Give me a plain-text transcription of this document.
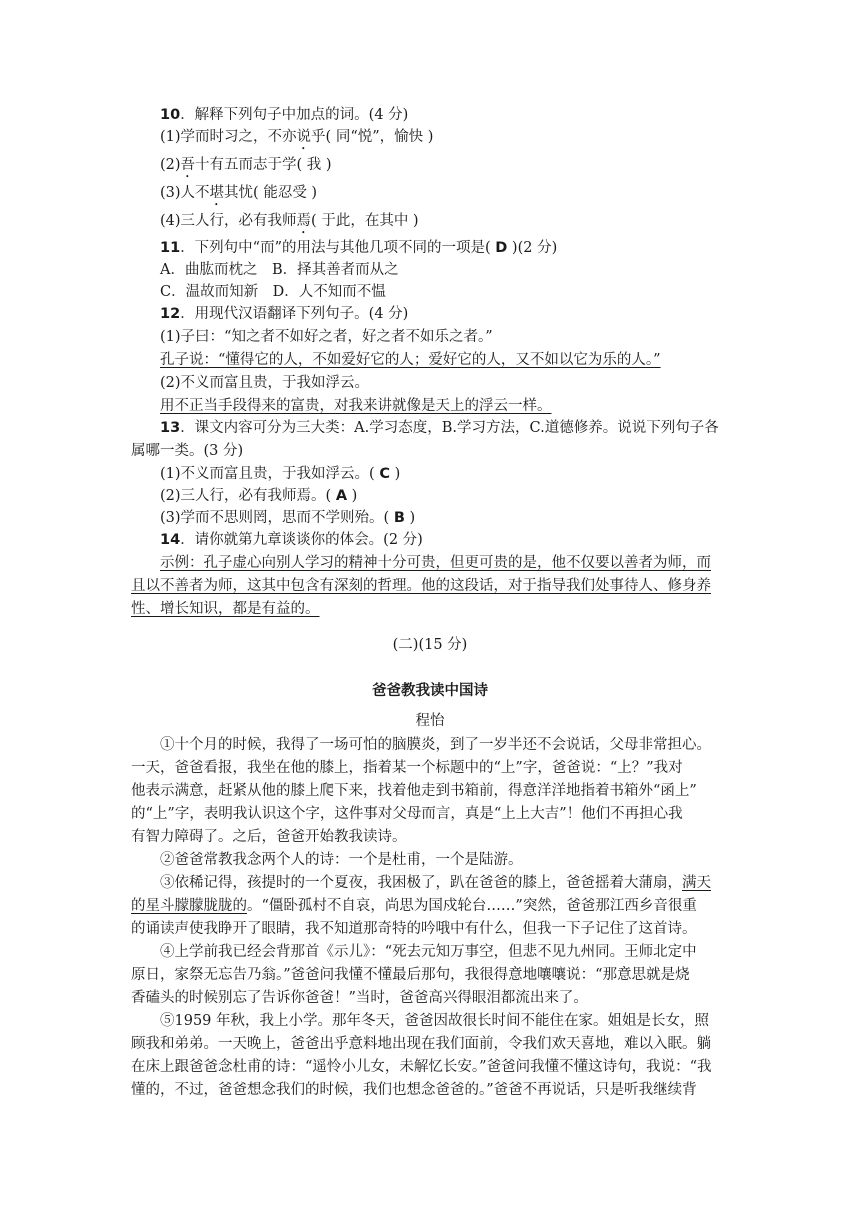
10．解释下列句子中加点的词。(4 分)
(1)学而时习之，不亦说乎( 同“悦”，愉快 )
(2)吾十有五而志于学( 我 )
(3)人不堪其忧( 能忍受 )
(4)三人行，必有我师焉( 于此，在其中 )
11．下列句中“而”的用法与其他几项不同的一项是( D )(2 分)
A．曲肱而枕之　B．择其善者而从之
C．温故而知新　D．人不知而不愠
12．用现代汉语翻译下列句子。(4 分)
(1)子曰：“知之者不如好之者，好之者不如乐之者。”
孔子说：“懂得它的人，不如爱好它的人；爱好它的人，又不如以它为乐的人。”
(2)不义而富且贵，于我如浮云。
用不正当手段得来的富贵，对我来讲就像是天上的浮云一样。
13．课文内容可分为三大类：A.学习态度，B.学习方法，C.道德修养。说说下列句子各
属哪一类。(3 分)
(1)不义而富且贵，于我如浮云。( C )
(2)三人行，必有我师焉。( A )
(3)学而不思则罔，思而不学则殆。( B )
14．请你就第九章谈谈你的体会。(2 分)
示例：孔子虚心向别人学习的精神十分可贵，但更可贵的是，他不仅要以善者为师，而
且以不善者为师，这其中包含有深刻的哲理。他的这段话，对于指导我们处事待人、修身养
性、增长知识，都是有益的。
(二)(15 分)
爸爸教我读中国诗
程怡
①十个月的时候，我得了一场可怕的脑膜炎，到了一岁半还不会说话，父母非常担心。
一天，爸爸看报，我坐在他的膝上，指着某一个标题中的“上”字，爸爸说：“上？”我对
他表示满意，赶紧从他的膝上爬下来，找着他走到书箱前，得意洋洋地指着书箱外“函上”
的“上”字，表明我认识这个字，这件事对父母而言，真是“上上大吉”！他们不再担心我
有智力障碍了。之后，爸爸开始教我读诗。
②爸爸常教我念两个人的诗：一个是杜甫，一个是陆游。
③依稀记得，孩提时的一个夏夜，我困极了，趴在爸爸的膝上，爸爸摇着大蒲扇，满天
的星斗朦朦胧胧的。“僵卧孤村不自哀，尚思为国戍轮台……”突然，爸爸那江西乡音很重
的诵读声使我睁开了眼睛，我不知道那奇特的吟哦中有什么，但我一下子记住了这首诗。
④上学前我已经会背那首《示儿》：“死去元知万事空，但悲不见九州同。王师北定中
原日，家祭无忘告乃翁。”爸爸问我懂不懂最后那句，我很得意地嚷嚷说：“那意思就是烧
香磕头的时候别忘了告诉你爸爸！”当时，爸爸高兴得眼泪都流出来了。
⑤1959 年秋，我上小学。那年冬天，爸爸因故很长时间不能住在家。姐姐是长女，照
顾我和弟弟。一天晚上，爸爸出乎意料地出现在我们面前，令我们欢天喜地，难以入眠。躺
在床上跟爸爸念杜甫的诗：“遥怜小儿女，未解忆长安。”爸爸问我懂不懂这诗句，我说：“我
懂的，不过，爸爸想念我们的时候，我们也想念爸爸的。”爸爸不再说话，只是听我继续背
